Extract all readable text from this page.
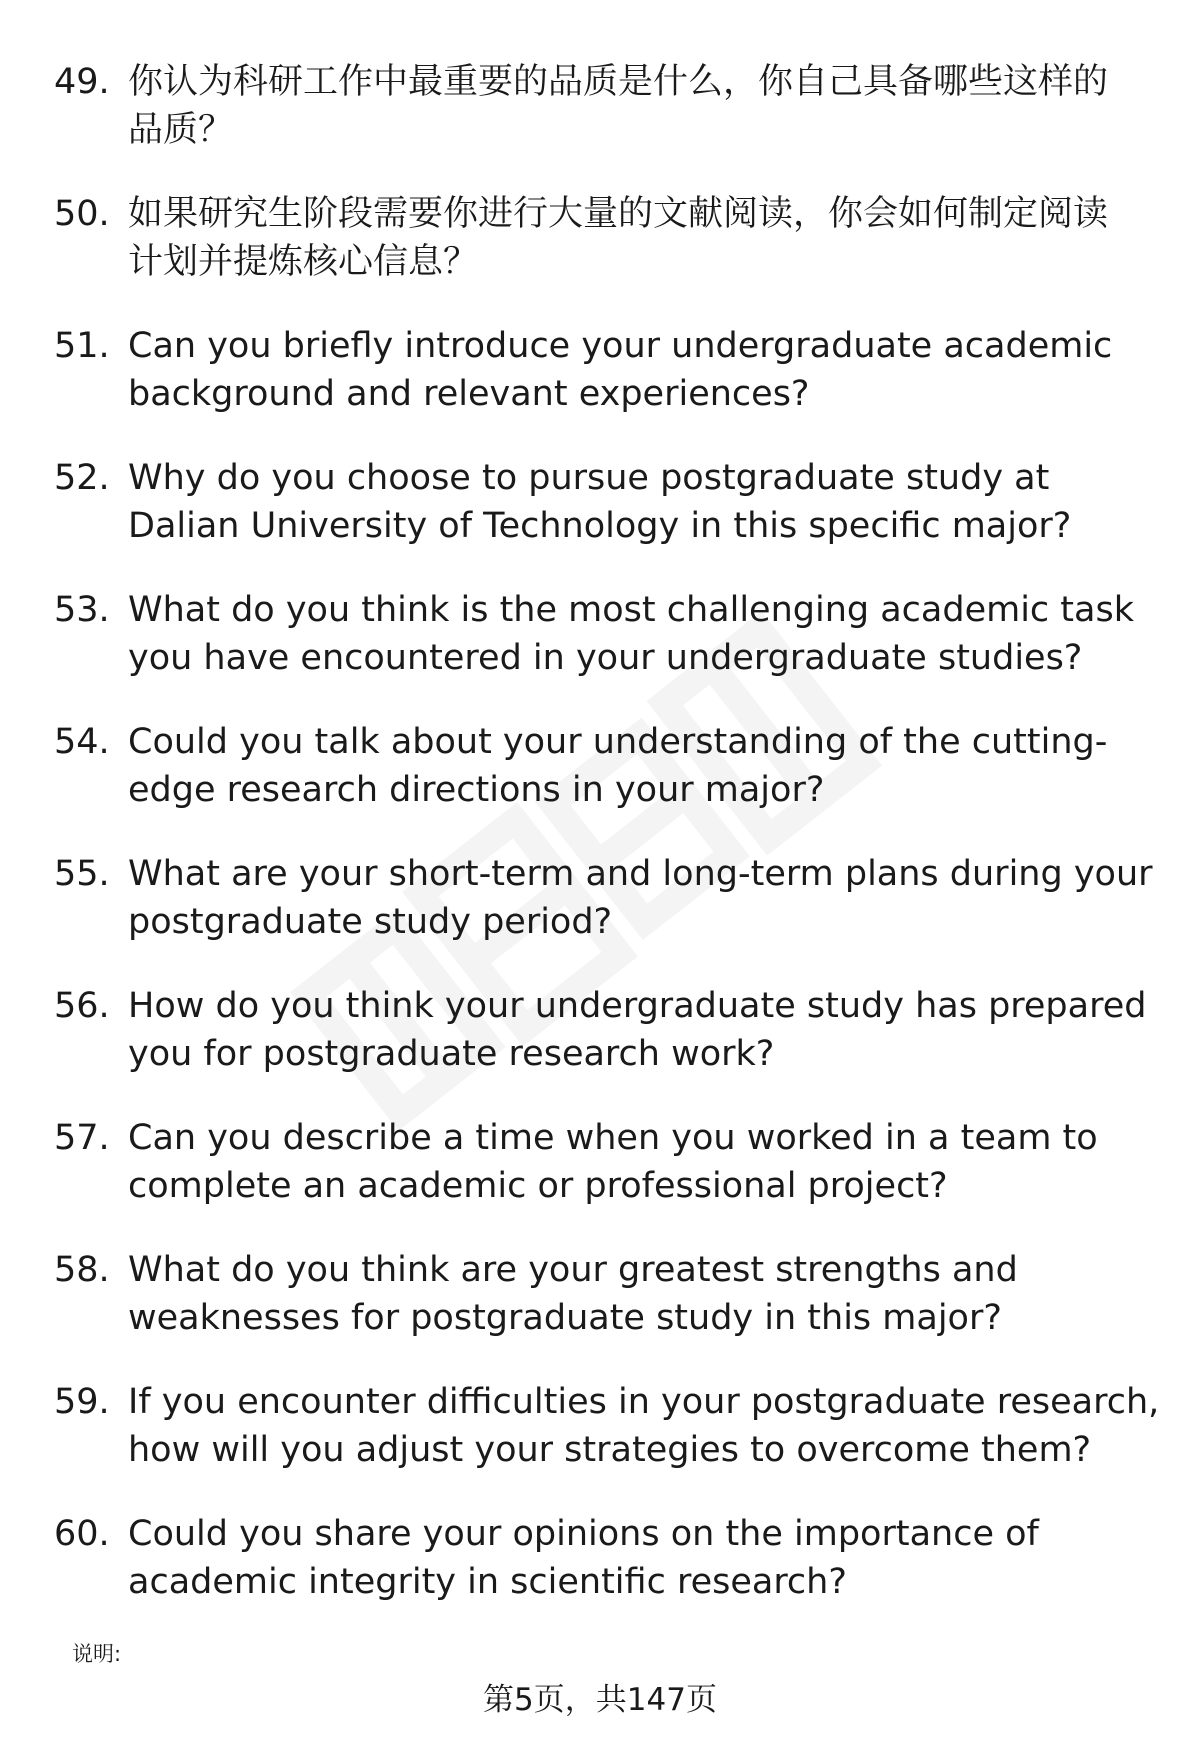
49. 你认为科研工作中最重要的品质是什么，你自己具备哪些这样的
品质？
50. 如果研究生阶段需要你进行大量的文献阅读，你会如何制定阅读
计划并提炼核心信息？
51. Can you briefly introduce your undergraduate academic
background and relevant experiences?
52. Why do you choose to pursue postgraduate study at
Dalian University of Technology in this specific major?
53. What do you think is the most challenging academic task
you have encountered in your undergraduate studies?
54. Could you talk about your understanding of the cutting-
edge research directions in your major?
55. What are your short-term and long-term plans during your
postgraduate study period?
56. How do you think your undergraduate study has prepared
you for postgraduate research work?
57. Can you describe a time when you worked in a team to
complete an academic or professional project?
58. What do you think are your greatest strengths and
weaknesses for postgraduate study in this major?
59. If you encounter difficulties in your postgraduate research,
how will you adjust your strategies to overcome them?
60. Could you share your opinions on the importance of
academic integrity in scientific research?
说明:
第5页，共147页
